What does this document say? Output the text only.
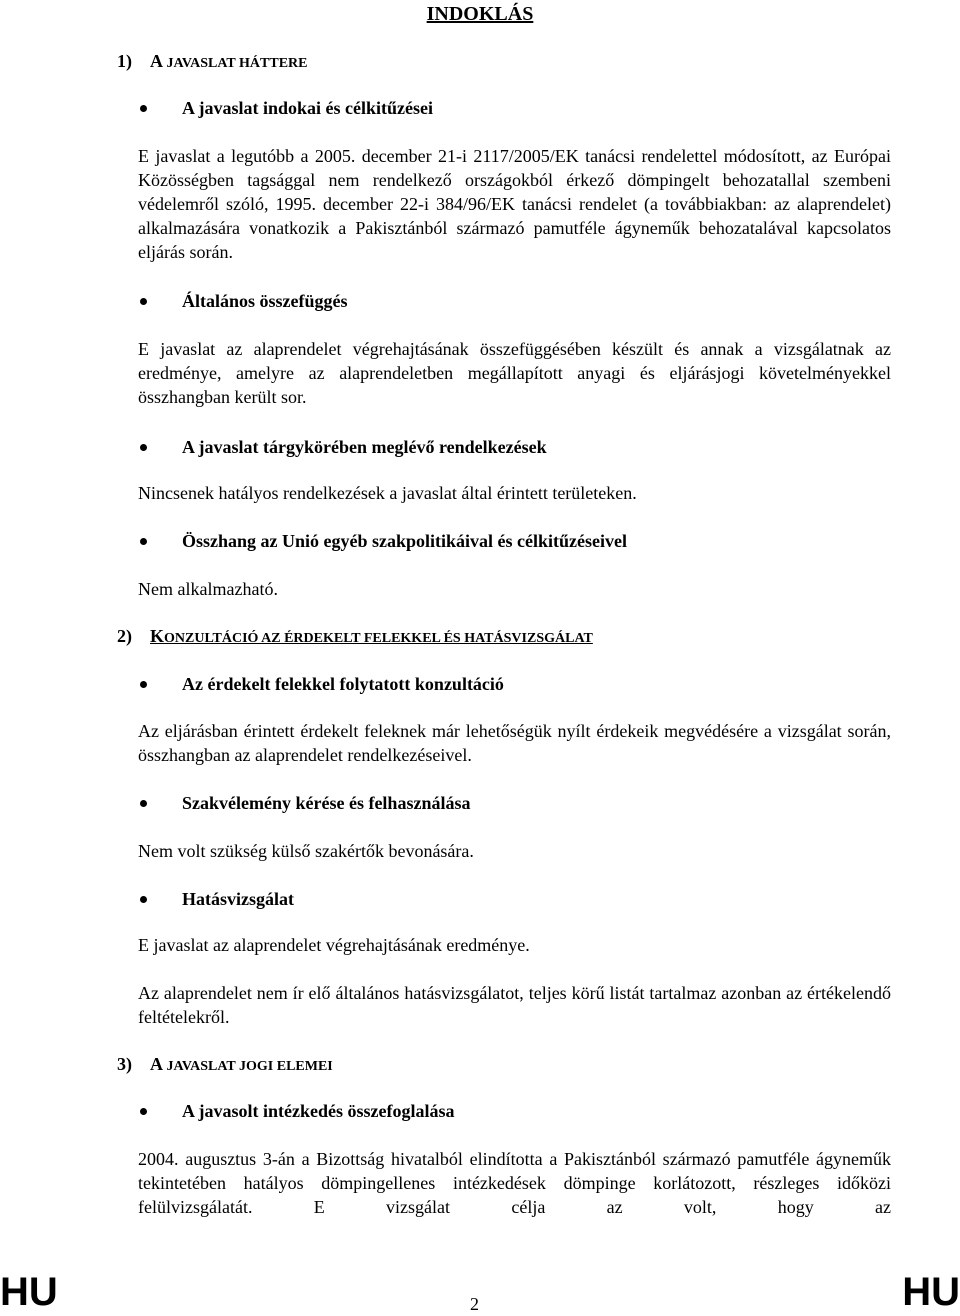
INDOKLÁS
1) A JAVASLAT HÁTTERE
A javaslat indokai és célkitűzései
E javaslat a legutóbb a 2005. december 21-i 2117/2005/EK tanácsi rendelettel módosított, az Európai Közösségben tagsággal nem rendelkező országokból érkező dömpingelt behozatallal szembeni védelemről szóló, 1995. december 22-i 384/96/EK tanácsi rendelet (a továbbiakban: az alaprendelet) alkalmazására vonatkozik a Pakisztánból származó pamutféle ágyneműk behozatalával kapcsolatos eljárás során.
Általános összefüggés
E javaslat az alaprendelet végrehajtásának összefüggésében készült és annak a vizsgálatnak az eredménye, amelyre az alaprendeletben megállapított anyagi és eljárásjogi követelményekkel összhangban került sor.
A javaslat tárgykörében meglévő rendelkezések
Nincsenek hatályos rendelkezések a javaslat által érintett területeken.
Összhang az Unió egyéb szakpolitikáival és célkitűzéseivel
Nem alkalmazható.
2) KONZULTÁCIÓ AZ ÉRDEKELT FELEKKEL ÉS HATÁSVIZSGÁLAT
Az érdekelt felekkel folytatott konzultáció
Az eljárásban érintett érdekelt feleknek már lehetőségük nyílt érdekeik megvédésére a vizsgálat során, összhangban az alaprendelet rendelkezéseivel.
Szakvélemény kérése és felhasználása
Nem volt szükség külső szakértők bevonására.
Hatásvizsgálat
E javaslat az alaprendelet végrehajtásának eredménye.
Az alaprendelet nem ír elő általános hatásvizsgálatot, teljes körű listát tartalmaz azonban az értékelendő feltételekről.
3) A JAVASLAT JOGI ELEMEI
A javasolt intézkedés összefoglalása
2004. augusztus 3-án a Bizottság hivatalból elindította a Pakisztánból származó pamutféle ágyneműk tekintetében hatályos dömpingellenes intézkedések dömpinge korlátozott, részleges időközi felülvizsgálatát. E vizsgálat célja az volt, hogy az
HU	2	HU
